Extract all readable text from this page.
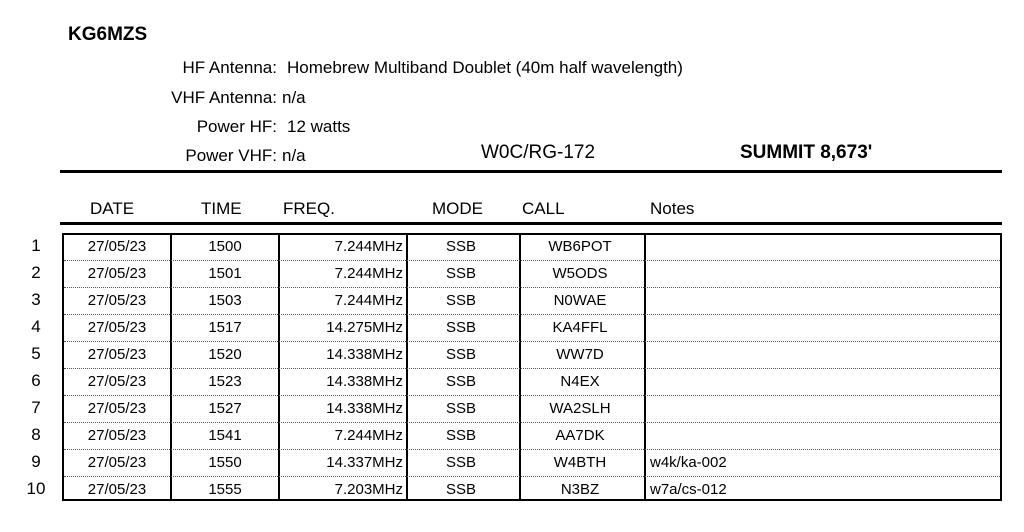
KG6MZS
HF Antenna: Homebrew Multiband Doublet (40m half wavelength)
VHF Antenna: n/a
Power HF: 12 watts
Power VHF: n/a	W0C/RG-172	SUMMIT 8,673'
DATE	TIME FREQ.	MODE CALL	Notes
1	27/05/23	1500	7.244MHz	SSB	WB6POT
2	27/05/23	1501	7.244MHz	SSB	W5ODS
3	27/05/23	1503	7.244MHz	SSB	N0WAE
4	27/05/23	1517	14.275MHz	SSB	KA4FFL
5	27/05/23	1520	14.338MHz	SSB	WW7D
6	27/05/23	1523	14.338MHz	SSB	N4EX
7	27/05/23	1527	14.338MHz	SSB	WA2SLH
8	27/05/23	1541	7.244MHz	SSB	AA7DK
9	27/05/23	1550	14.337MHz	SSB	W4BTH	w4k/ka-002
10	27/05/23	1555	7.203MHz	SSB	N3BZ	w7a/cs-012
